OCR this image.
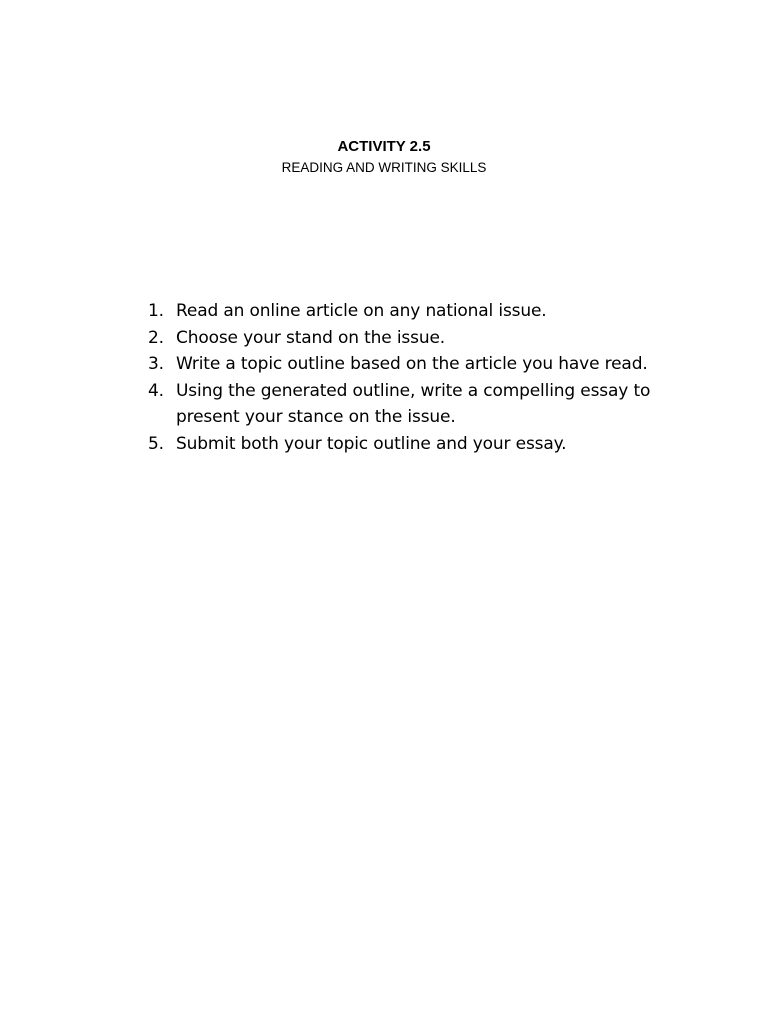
ACTIVITY 2.5
READING AND WRITING SKILLS
1. Read an online article on any national issue.
2. Choose your stand on the issue.
3. Write a topic outline based on the article you have read.
4. Using the generated outline, write a compelling essay to present your stance on the issue.
5. Submit both your topic outline and your essay.
